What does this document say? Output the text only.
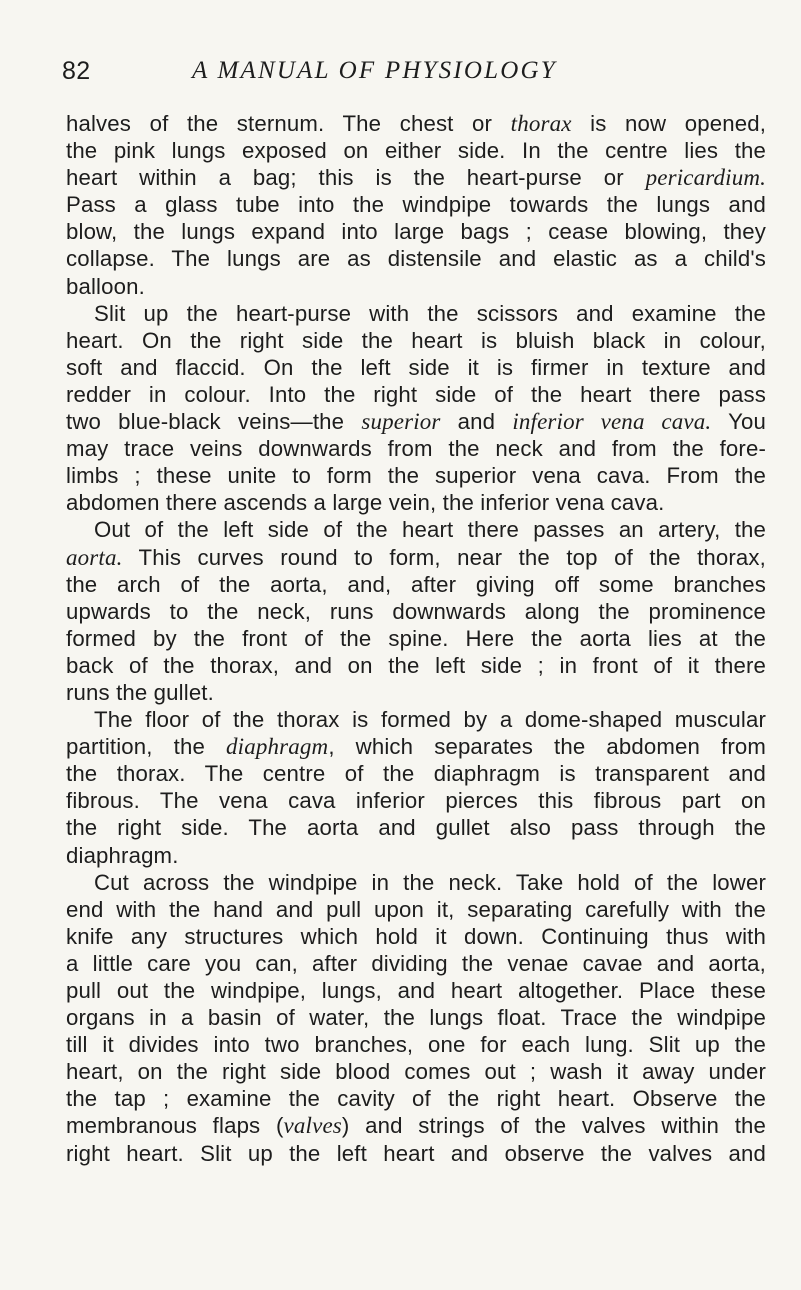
82	A MANUAL OF PHYSIOLOGY
halves of the sternum. The chest or thorax is now opened,
the pink lungs exposed on either side. In the centre lies the
heart within a bag; this is the heart-purse or pericardium.
Pass a glass tube into the windpipe towards the lungs and
blow, the lungs expand into large bags ; cease blowing, they
collapse. The lungs are as distensile and elastic as a child's
balloon.
Slit up the heart-purse with the scissors and examine the
heart. On the right side the heart is bluish black in colour,
soft and flaccid. On the left side it is firmer in texture and
redder in colour. Into the right side of the heart there pass
two blue-black veins—the superior and inferior vena cava. You
may trace veins downwards from the neck and from the fore-
limbs ; these unite to form the superior vena cava. From the
abdomen there ascends a large vein, the inferior vena cava.
Out of the left side of the heart there passes an artery, the
aorta. This curves round to form, near the top of the thorax,
the arch of the aorta, and, after giving off some branches
upwards to the neck, runs downwards along the prominence
formed by the front of the spine. Here the aorta lies at the
back of the thorax, and on the left side ; in front of it there
runs the gullet.
The floor of the thorax is formed by a dome-shaped muscular
partition, the diaphragm, which separates the abdomen from
the thorax. The centre of the diaphragm is transparent and
fibrous. The vena cava inferior pierces this fibrous part on
the right side. The aorta and gullet also pass through the
diaphragm.
Cut across the windpipe in the neck. Take hold of the lower
end with the hand and pull upon it, separating carefully with the
knife any structures which hold it down. Continuing thus with
a little care you can, after dividing the venae cavae and aorta,
pull out the windpipe, lungs, and heart altogether. Place these
organs in a basin of water, the lungs float. Trace the windpipe
till it divides into two branches, one for each lung. Slit up the
heart, on the right side blood comes out ; wash it away under
the tap ; examine the cavity of the right heart. Observe the
membranous flaps (valves) and strings of the valves within the
right heart. Slit up the left heart and observe the valves and
